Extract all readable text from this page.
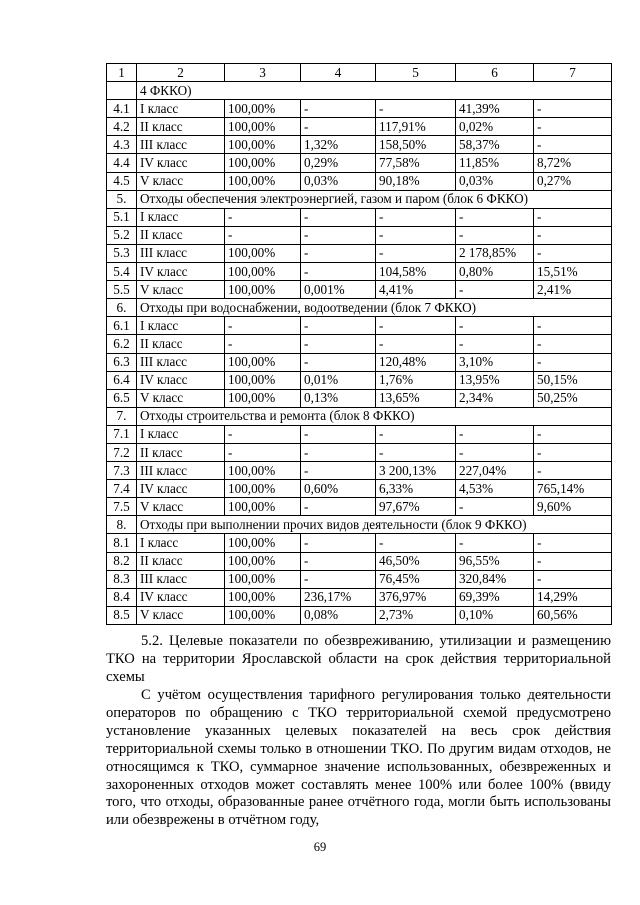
1	2	3	4	5	6	7
	4 ФККО)					
4.1	I класс	100,00%	-	-	41,39%	-
4.2	II класс	100,00%	-	117,91%	0,02%	-
4.3	III класс	100,00%	1,32%	158,50%	58,37%	-
4.4	IV класс	100,00%	0,29%	77,58%	11,85%	8,72%
4.5	V класс	100,00%	0,03%	90,18%	0,03%	0,27%
5.	Отходы обеспечения электроэнергией, газом и паром (блок 6 ФККО)					
5.1	I класс	-	-	-	-	-
5.2	II класс	-	-	-	-	-
5.3	III класс	100,00%	-	-	2 178,85%	-
5.4	IV класс	100,00%	-	104,58%	0,80%	15,51%
5.5	V класс	100,00%	0,001%	4,41%	-	2,41%
6.	Отходы при водоснабжении, водоотведении (блок 7 ФККО)					
6.1	I класс	-	-	-	-	-
6.2	II класс	-	-	-	-	-
6.3	III класс	100,00%	-	120,48%	3,10%	-
6.4	IV класс	100,00%	0,01%	1,76%	13,95%	50,15%
6.5	V класс	100,00%	0,13%	13,65%	2,34%	50,25%
7.	Отходы строительства и ремонта (блок 8 ФККО)					
7.1	I класс	-	-	-	-	-
7.2	II класс	-	-	-	-	-
7.3	III класс	100,00%	-	3 200,13%	227,04%	-
7.4	IV класс	100,00%	0,60%	6,33%	4,53%	765,14%
7.5	V класс	100,00%	-	97,67%	-	9,60%
8.	Отходы при выполнении прочих видов деятельности (блок 9 ФККО)					
8.1	I класс	100,00%	-	-	-	-
8.2	II класс	100,00%	-	46,50%	96,55%	-
8.3	III класс	100,00%	-	76,45%	320,84%	-
8.4	IV класс	100,00%	236,17%	376,97%	69,39%	14,29%
8.5	V класс	100,00%	0,08%	2,73%	0,10%	60,56%

5.2. Целевые показатели по обезвреживанию, утилизации и размещению ТКО на территории Ярославской области на срок действия территориальной схемы

С учётом осуществления тарифного регулирования только деятельности операторов по обращению с ТКО территориальной схемой предусмотрено установление указанных целевых показателей на весь срок действия территориальной схемы только в отношении ТКО. По другим видам отходов, не относящимся к ТКО, суммарное значение использованных, обезвреженных и захороненных отходов может составлять менее 100% или более 100% (ввиду того, что отходы, образованные ранее отчётного года, могли быть использованы или обезврежены в отчётном году,

69
